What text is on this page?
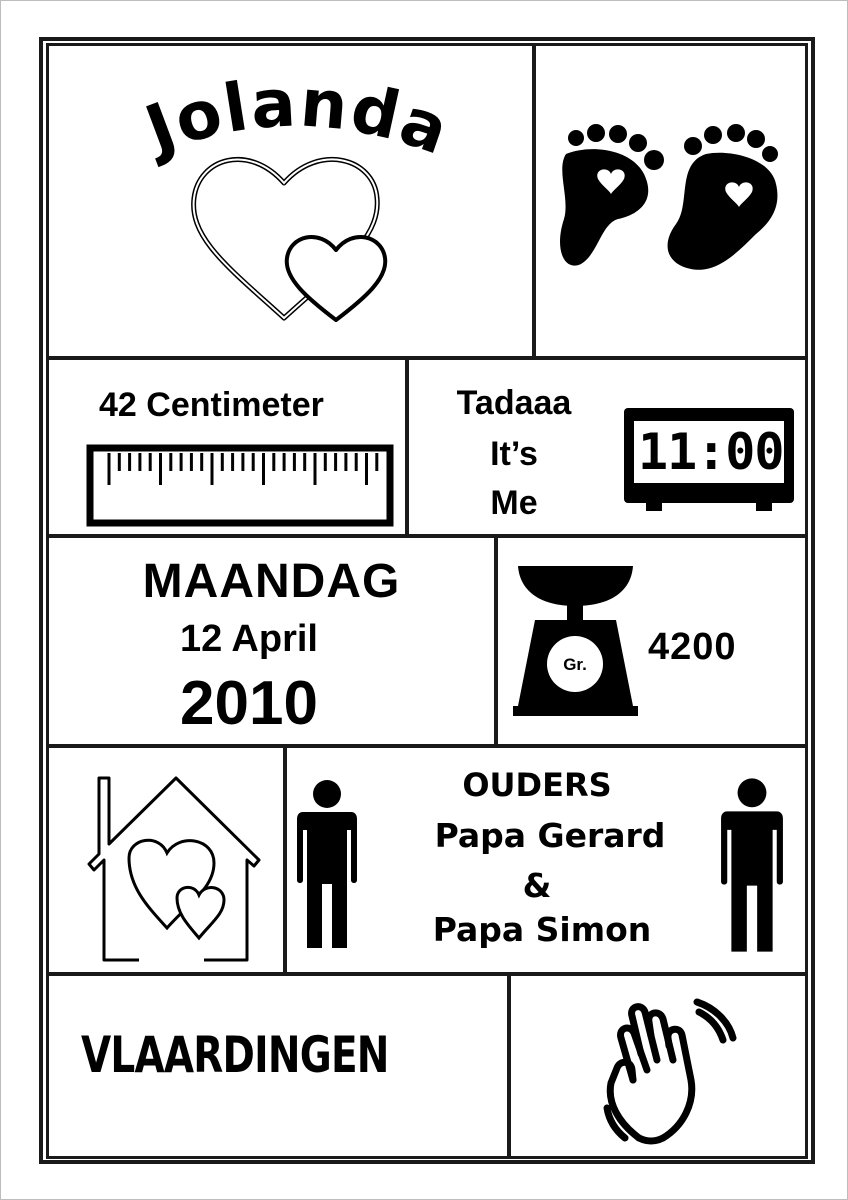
Jolanda
42 Centimeter	Tadaaa
It’s
Me
11:00
MAANDAG
12 April
2010
Gr. 4200
OUDERS
Papa Gerard
&
Papa Simon
VLAARDINGEN
